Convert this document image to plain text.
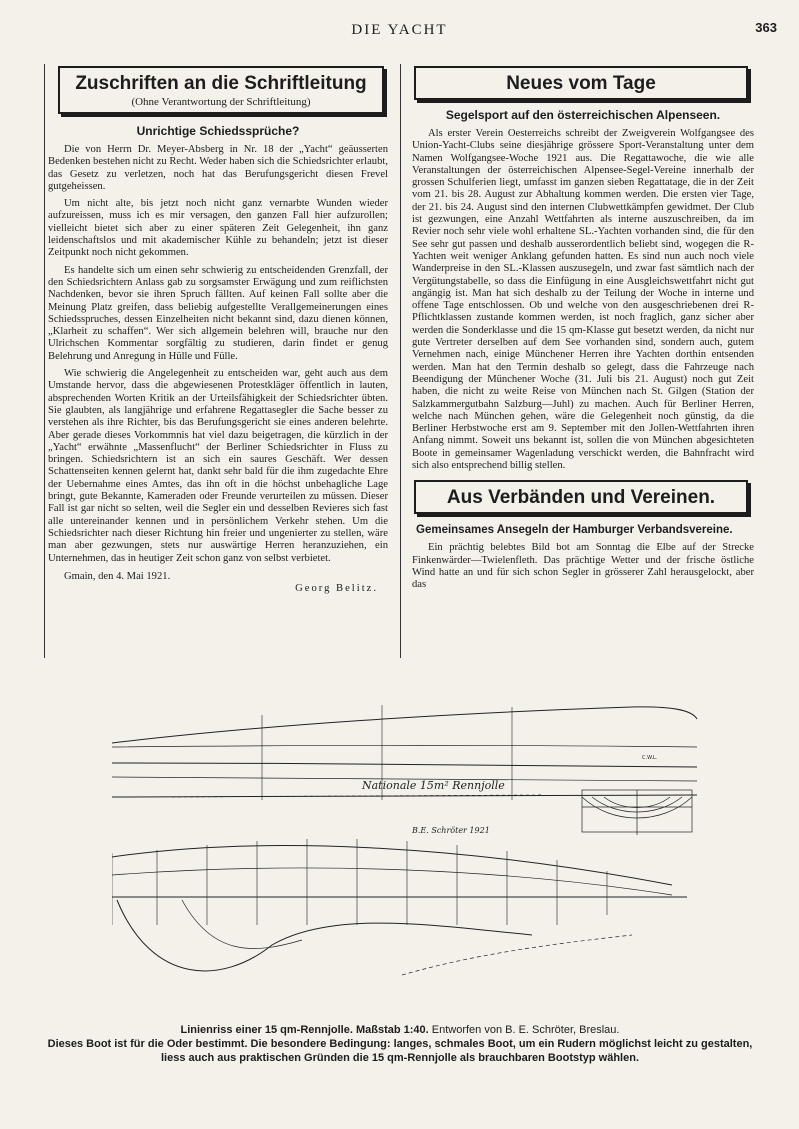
DIE YACHT	363
Zuschriften an die Schriftleitung
(Ohne Verantwortung der Schriftleitung)
Unrichtige Schiedssprüche?

Die von Herrn Dr. Meyer-Absberg in Nr. 18 der „Yacht“ geäusserten Bedenken bestehen nicht zu Recht. Weder haben sich die Schiedsrichter erlaubt, das Gesetz zu verletzen, noch hat das Berufungsgericht diesen Frevel gutgeheissen.

Um nicht alte, bis jetzt noch nicht ganz vernarbte Wunden wieder aufzureissen, muss ich es mir versagen, den ganzen Fall hier aufzurollen; vielleicht bietet sich aber zu einer späteren Zeit Gelegenheit, ihn ganz leidenschaftslos und mit akademischer Kühle zu behandeln; jetzt ist dieser Zeitpunkt noch nicht gekommen.

Es handelte sich um einen sehr schwierig zu entscheidenden Grenzfall, der den Schiedsrichtern Anlass gab zu sorgsamster Erwägung und zum reiflichsten Nachdenken, bevor sie ihren Spruch fällten. Auf keinen Fall sollte aber die Meinung Platz greifen, dass beliebig aufgestellte Verallgemeinerungen eines Schiedsspruches, dessen Einzelheiten nicht bekannt sind, dazu dienen können, „Klarheit zu schaffen“. Wer sich allgemein belehren will, brauche nur den Ulrichschen Kommentar sorgfältig zu studieren, darin findet er genug Belehrung und Anregung in Hülle und Fülle.

Wie schwierig die Angelegenheit zu entscheiden war, geht auch aus dem Umstande hervor, dass die abgewiesenen Protestkläger öffentlich in lauten, absprechenden Worten Kritik an der Urteilsfähigkeit der Schiedsrichter übten. Sie glaubten, als langjährige und erfahrene Regattasegler die Sache besser zu verstehen als ihre Richter, bis das Berufungsgericht sie eines anderen belehrte. Aber gerade dieses Vorkommnis hat viel dazu beigetragen, die kürzlich in der „Yacht“ erwähnte „Massenflucht“ der Berliner Schiedsrichter in Fluss zu bringen. Schiedsrichtern ist an sich ein saures Geschäft. Wer dessen Schattenseiten kennen gelernt hat, dankt sehr bald für die ihm zugedachte Ehre der Uebernahme eines Amtes, das ihn oft in die höchst unbehagliche Lage bringt, gute Bekannte, Kameraden oder Freunde verurteilen zu müssen. Dieser Fall ist gar nicht so selten, weil die Segler ein und desselben Revieres sich fast alle untereinander kennen und in persönlichem Verkehr stehen. Um die Schiedsrichter nach dieser Richtung hin freier und ungenierter zu stellen, wäre man aber gezwungen, stets nur auswärtige Herren heranzuziehen, ein Unternehmen, das in heutiger Zeit schon ganz von selbst verbietet.

Gmain, den 4. Mai 1921.
Georg Belitz.
Neues vom Tage
Segelsport auf den österreichischen Alpenseen.

Als erster Verein Oesterreichs schreibt der Zweigverein Wolfgangsee des Union-Yacht-Clubs seine diesjährige grössere Sport-Veranstaltung unter dem Namen Wolfgangsee-Woche 1921 aus. Die Regattawoche, die wie alle Veranstaltungen der österreichischen Alpensee-Segel-Vereine innerhalb der grossen Schulferien liegt, umfasst im ganzen sieben Regattatage, die in der Zeit vom 21. bis 28. August zur Abhaltung kommen werden. Die ersten vier Tage, der 21. bis 24. August sind den internen Clubwettkämpfen gewidmet. Der Club ist gezwungen, eine Anzahl Wettfahrten als interne auszuschreiben, da im Revier noch sehr viele wohl erhaltene SL.-Yachten vorhanden sind, die für den See sehr gut passen und deshalb ausserordentlich beliebt sind, wogegen die R-Yachten weit weniger Anklang gefunden hatten. Es sind nun auch noch viele Wanderpreise in den SL.-Klassen auszusegeln, und zwar fast sämtlich nach der Vergütungstabelle, so dass die Einfügung in eine Ausgleichswettfahrt nicht gut angängig ist. Man hat sich deshalb zu der Teilung der Woche in interne und offene Tage entschlossen. Ob und welche von den ausgeschriebenen drei R-Pflichtklassen zustande kommen werden, ist noch fraglich, ganz sicher aber werden die Sonderklasse und die 15 qm-Klasse gut besetzt werden, da nicht nur gute Vertreter derselben auf dem See vorhanden sind, sondern auch, gutem Vernehmen nach, einige Münchener Herren ihre Yachten dorthin entsenden werden. Man hat den Termin deshalb so gelegt, dass die Fahrzeuge nach Beendigung der Münchener Woche (31. Juli bis 21. August) noch gut Zeit haben, die nicht zu weite Reise von München nach St. Gilgen (Station der Salzkammergutbahn Salzburg—Juhl) zu machen. Auch für Berliner Herren, welche nach München gehen, wäre die Gelegenheit noch günstig, da die Berliner Herbstwoche erst am 9. September mit den Jollen-Wettfahrten ihren Anfang nimmt. Soweit uns bekannt ist, sollen die von München abgesichteten Boote in gemeinsamer Wagenladung verschickt werden, die Bahnfracht wird sich also entsprechend billig stellen.

Aus Verbänden und Vereinen.
Gemeinsames Ansegeln der Hamburger Verbandsvereine.

Ein prächtig belebtes Bild bot am Sonntag die Elbe auf der Strecke Finkenwärder—Twielenfleth. Das prächtige Wetter und der frische östliche Wind hatte an und für sich schon Segler in grösserer Zahl herausgelockt, aber das

Nationale 15m² Rennjolle
B.E. Schröter 1921
C.W.L.
Linienriss einer 15 qm-Rennjolle. Maßstab 1:40. Entworfen von B. E. Schröter, Breslau.
Dieses Boot ist für die Oder bestimmt. Die besondere Bedingung: langes, schmales Boot, um ein Rudern möglichst leicht zu gestalten, liess auch aus praktischen Gründen die 15 qm-Rennjolle als brauchbaren Bootstyp wählen.
